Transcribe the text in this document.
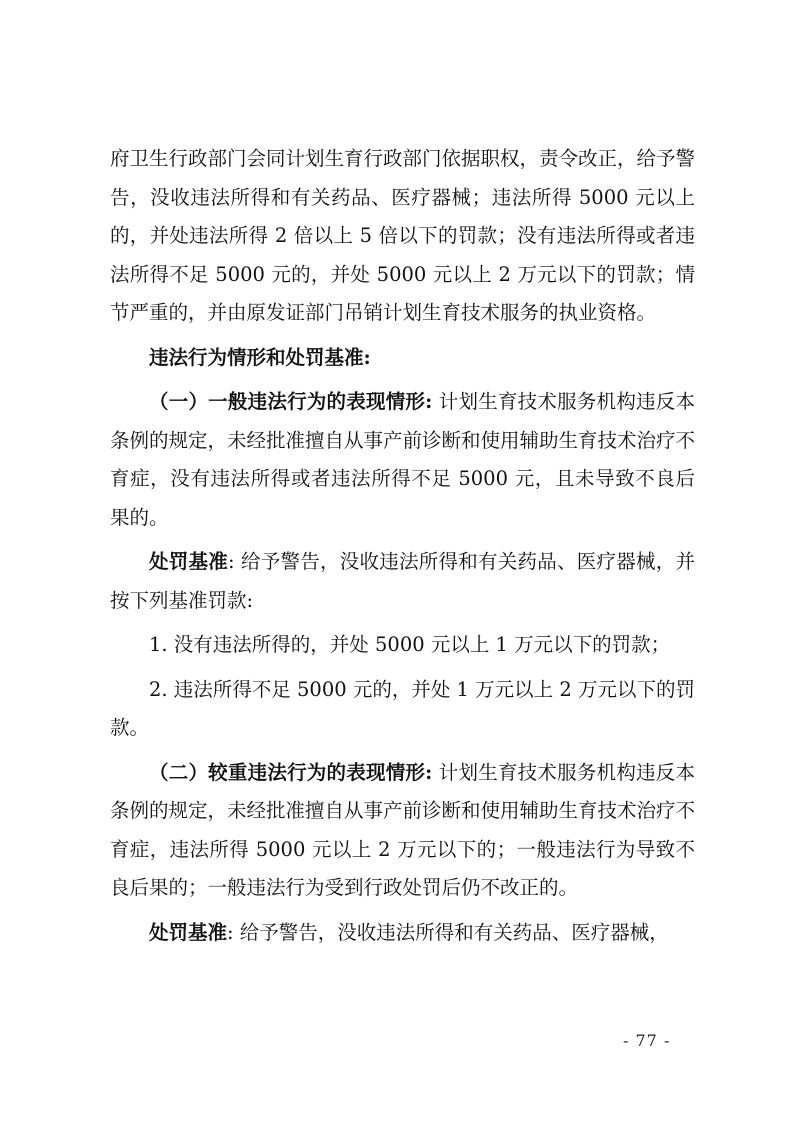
府卫生行政部门会同计划生育行政部门依据职权，责令改正，给予警告，没收违法所得和有关药品、医疗器械；违法所得 5000 元以上的，并处违法所得 2 倍以上 5 倍以下的罚款；没有违法所得或者违法所得不足 5000 元的，并处 5000 元以上 2 万元以下的罚款；情节严重的，并由原发证部门吊销计划生育技术服务的执业资格。

违法行为情形和处罚基准:

（一）一般违法行为的表现情形: 计划生育技术服务机构违反本条例的规定，未经批准擅自从事产前诊断和使用辅助生育技术治疗不育症，没有违法所得或者违法所得不足 5000 元，且未导致不良后果的。

处罚基准: 给予警告，没收违法所得和有关药品、医疗器械，并按下列基准罚款:

1. 没有违法所得的，并处 5000 元以上 1 万元以下的罚款；

2. 违法所得不足 5000 元的，并处 1 万元以上 2 万元以下的罚款。

（二）较重违法行为的表现情形: 计划生育技术服务机构违反本条例的规定，未经批准擅自从事产前诊断和使用辅助生育技术治疗不育症，违法所得 5000 元以上 2 万元以下的；一般违法行为导致不良后果的；一般违法行为受到行政处罚后仍不改正的。

处罚基准: 给予警告，没收违法所得和有关药品、医疗器械，

- 77 -
